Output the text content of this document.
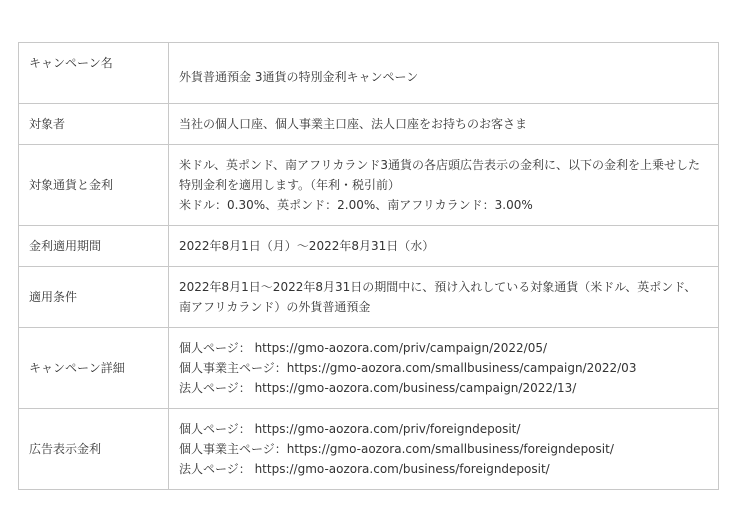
キャンペーン名	外貨普通預金 3通貨の特別金利キャンペーン

対象者	当社の個人口座、個人事業主口座、法人口座をお持ちのお客さま

対象通貨と金利	米ドル、英ポンド、南アフリカランド3通貨の各店頭広告表示の金利に、以下の金利を上乗せした特別金利を適用します。（年利・税引前）
米ドル：0.30%、英ポンド：2.00%、南アフリカランド：3.00%

金利適用期間	2022年8月1日（月）～2022年8月31日（水）

適用条件	2022年8月1日～2022年8月31日の期間中に、預け入れしている対象通貨（米ドル、英ポンド、南アフリカランド）の外貨普通預金

キャンペーン詳細	個人ページ： https://gmo-aozora.com/priv/campaign/2022/05/
個人事業主ページ：https://gmo-aozora.com/smallbusiness/campaign/2022/03
法人ページ： https://gmo-aozora.com/business/campaign/2022/13/

広告表示金利	個人ページ： https://gmo-aozora.com/priv/foreigndeposit/
個人事業主ページ：https://gmo-aozora.com/smallbusiness/foreigndeposit/
法人ページ： https://gmo-aozora.com/business/foreigndeposit/
